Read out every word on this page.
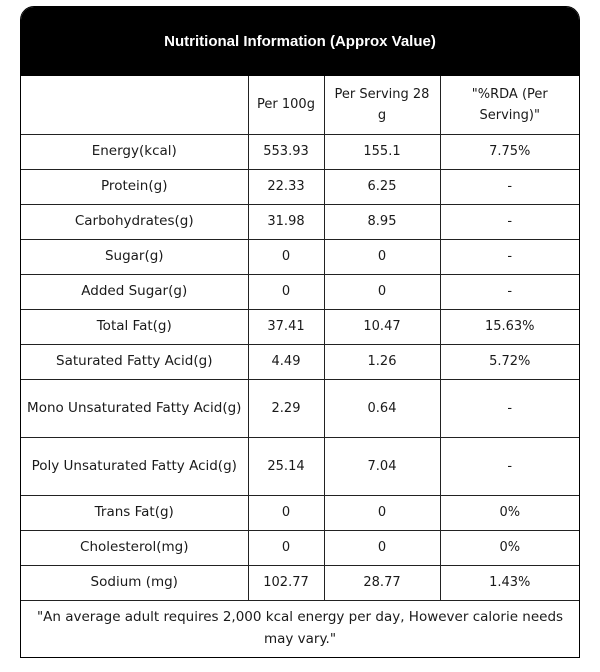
Nutritional Information (Approx Value)
	Per 100g	Per Serving 28 g	"%RDA (Per Serving)"
Energy(kcal)	553.93	155.1	7.75%
Protein(g)	22.33	6.25	-
Carbohydrates(g)	31.98	8.95	-
Sugar(g)	0	0	-
Added Sugar(g)	0	0	-
Total Fat(g)	37.41	10.47	15.63%
Saturated Fatty Acid(g)	4.49	1.26	5.72%
Mono Unsaturated Fatty Acid(g)	2.29	0.64	-
Poly Unsaturated Fatty Acid(g)	25.14	7.04	-
Trans Fat(g)	0	0	0%
Cholesterol(mg)	0	0	0%
Sodium (mg)	102.77	28.77	1.43%
"An average adult requires 2,000 kcal energy per day, However calorie needs may vary."
